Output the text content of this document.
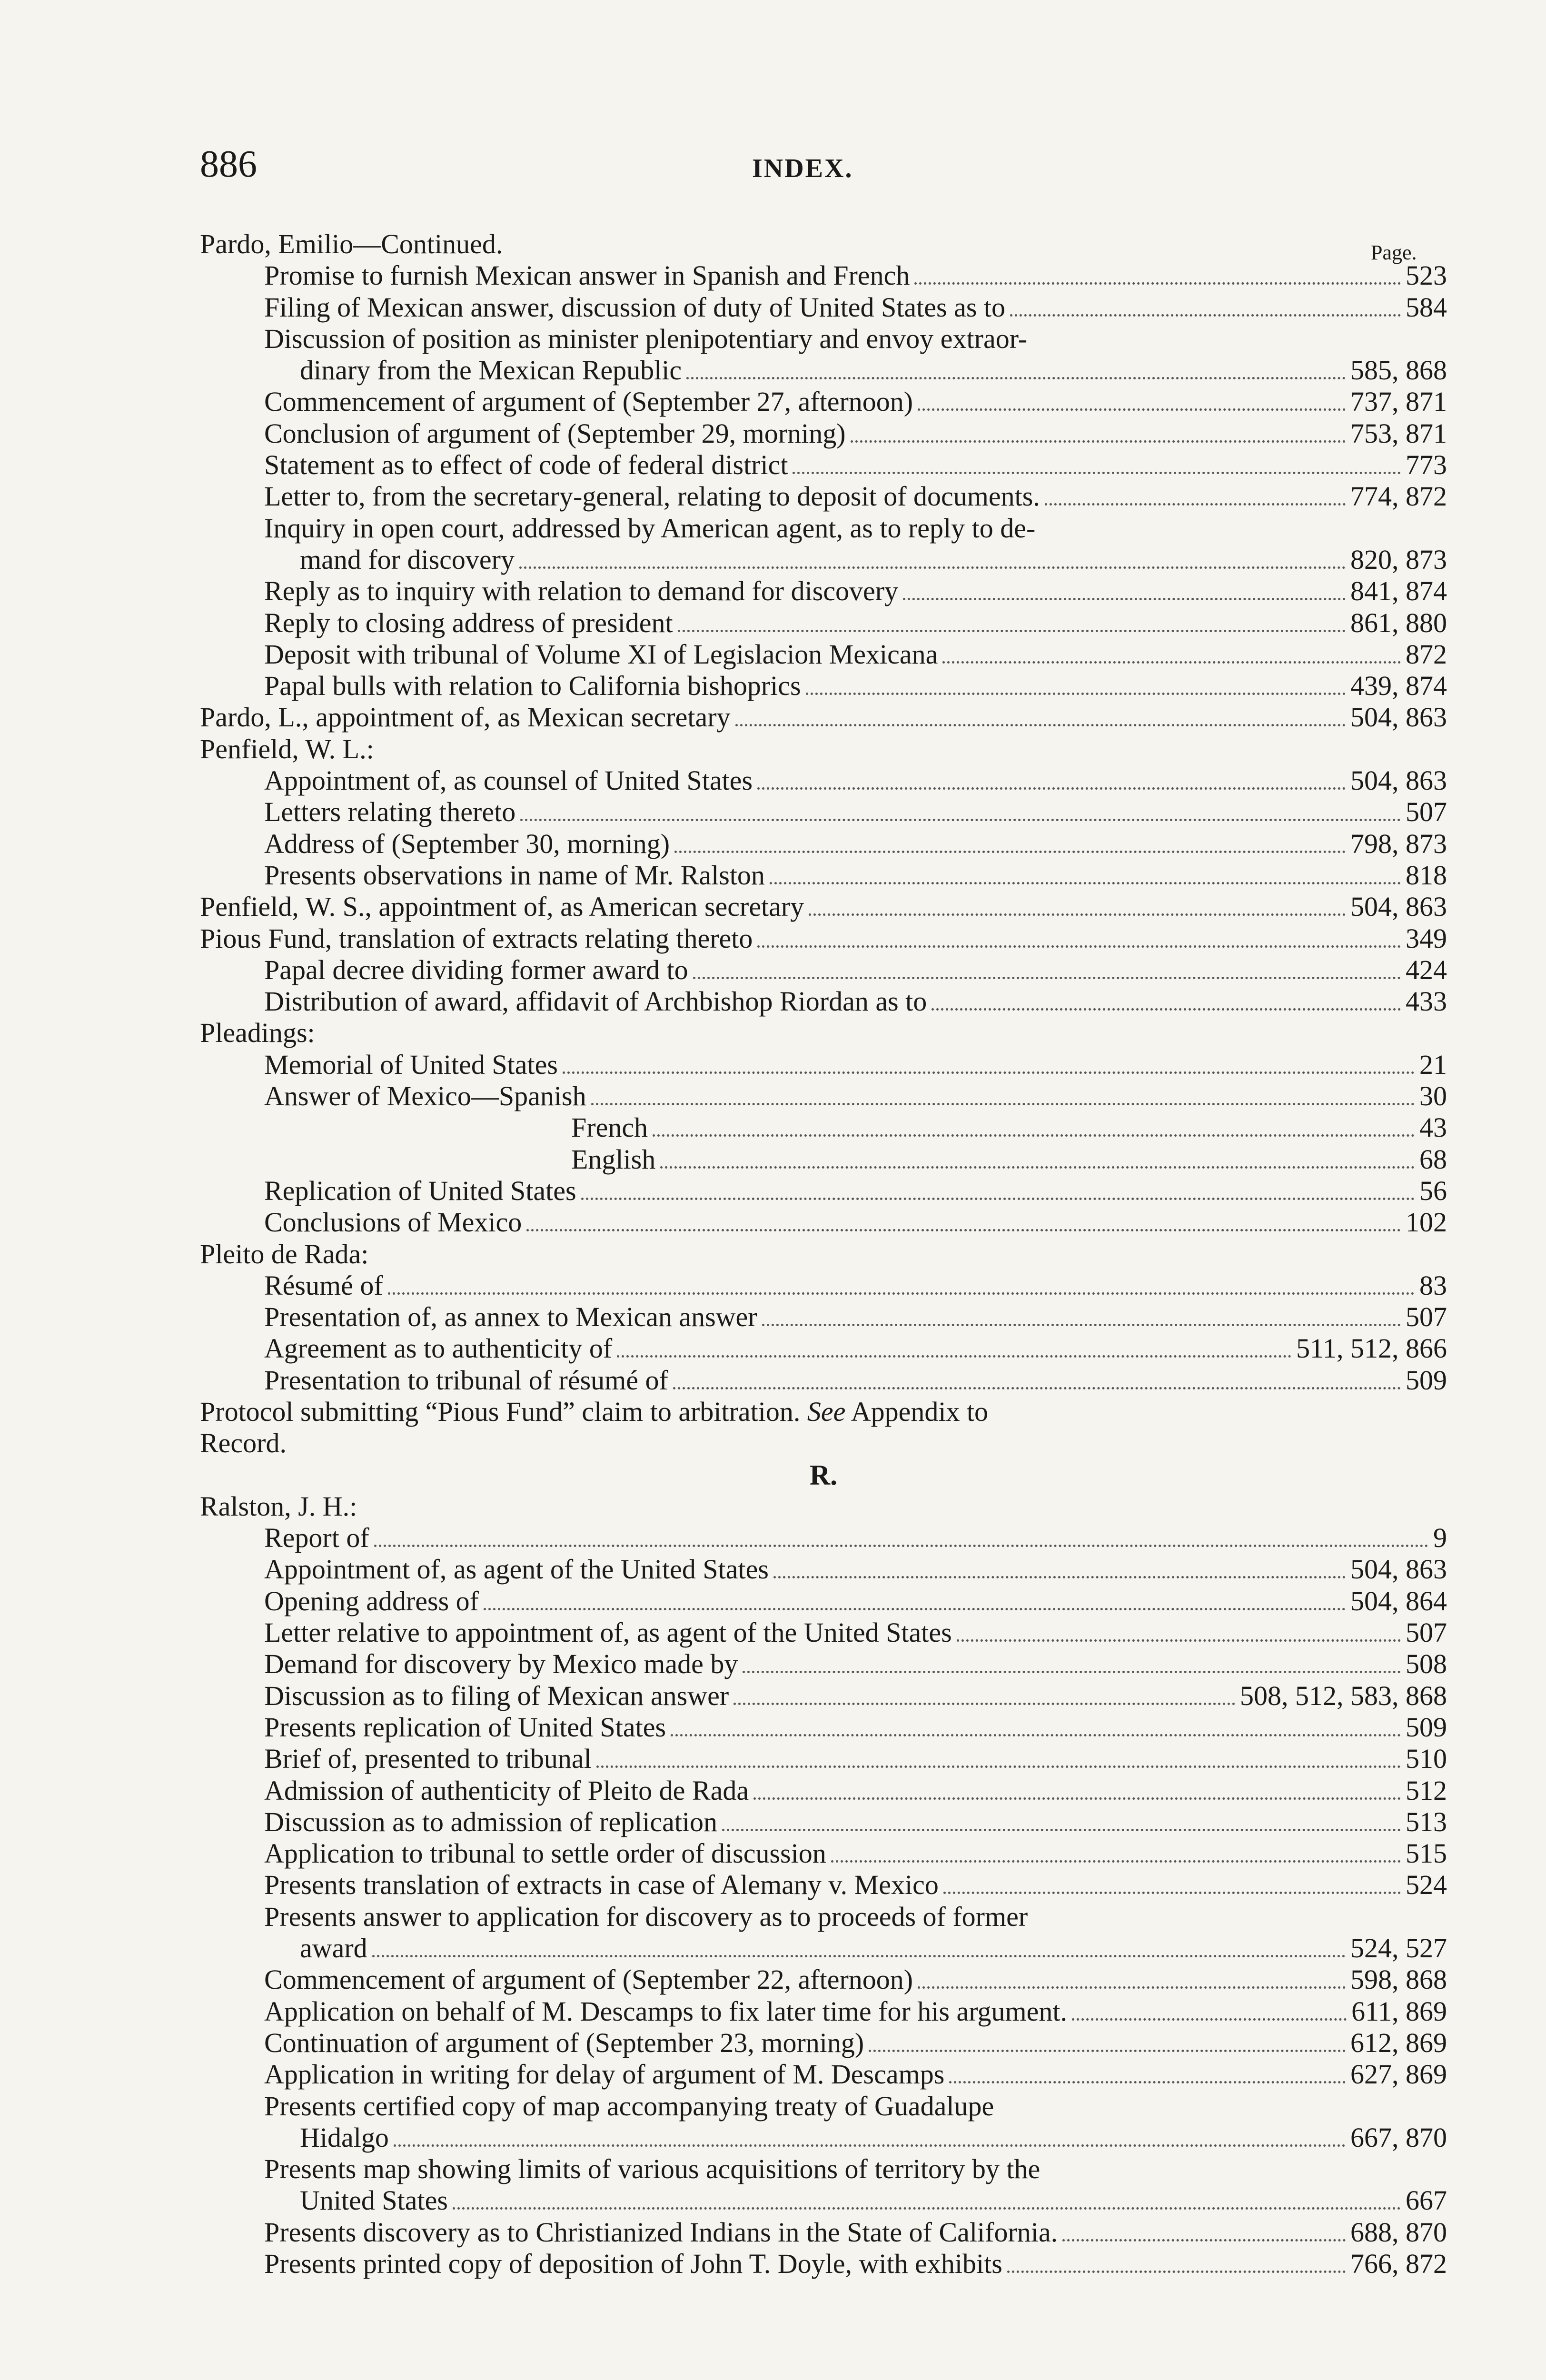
886	INDEX.
Page.
Pardo, Emilio—Continued.
Promise to furnish Mexican answer in Spanish and French	523
Filing of Mexican answer, discussion of duty of United States as to	584
Discussion of position as minister plenipotentiary and envoy extraor-
dinary from the Mexican Republic	585, 868
Commencement of argument of (September 27, afternoon)	737, 871
Conclusion of argument of (September 29, morning)	753, 871
Statement as to effect of code of federal district	773
Letter to, from the secretary-general, relating to deposit of documents.	774, 872
Inquiry in open court, addressed by American agent, as to reply to de-
mand for discovery	820, 873
Reply as to inquiry with relation to demand for discovery	841, 874
Reply to closing address of president	861, 880
Deposit with tribunal of Volume XI of Legislacion Mexicana	872
Papal bulls with relation to California bishoprics	439, 874
Pardo, L., appointment of, as Mexican secretary	504, 863
Penfield, W. L.:
Appointment of, as counsel of United States	504, 863
Letters relating thereto	507
Address of (September 30, morning)	798, 873
Presents observations in name of Mr. Ralston	818
Penfield, W. S., appointment of, as American secretary	504, 863
Pious Fund, translation of extracts relating thereto	349
Papal decree dividing former award to	424
Distribution of award, affidavit of Archbishop Riordan as to	433
Pleadings:
Memorial of United States	21
Answer of Mexico—Spanish	30
French	43
English	68
Replication of United States	56
Conclusions of Mexico	102
Pleito de Rada:
Résumé of	83
Presentation of, as annex to Mexican answer	507
Agreement as to authenticity of	511, 512, 866
Presentation to tribunal of résumé of	509
Protocol submitting “Pious Fund” claim to arbitration. See Appendix to
Record.
R.
Ralston, J. H.:
Report of	9
Appointment of, as agent of the United States	504, 863
Opening address of	504, 864
Letter relative to appointment of, as agent of the United States	507
Demand for discovery by Mexico made by	508
Discussion as to filing of Mexican answer	508, 512, 583, 868
Presents replication of United States	509
Brief of, presented to tribunal	510
Admission of authenticity of Pleito de Rada	512
Discussion as to admission of replication	513
Application to tribunal to settle order of discussion	515
Presents translation of extracts in case of Alemany v. Mexico	524
Presents answer to application for discovery as to proceeds of former
award	524, 527
Commencement of argument of (September 22, afternoon)	598, 868
Application on behalf of M. Descamps to fix later time for his argument.	611, 869
Continuation of argument of (September 23, morning)	612, 869
Application in writing for delay of argument of M. Descamps	627, 869
Presents certified copy of map accompanying treaty of Guadalupe
Hidalgo	667, 870
Presents map showing limits of various acquisitions of territory by the
United States	667
Presents discovery as to Christianized Indians in the State of California.	688, 870
Presents printed copy of deposition of John T. Doyle, with exhibits	766, 872
